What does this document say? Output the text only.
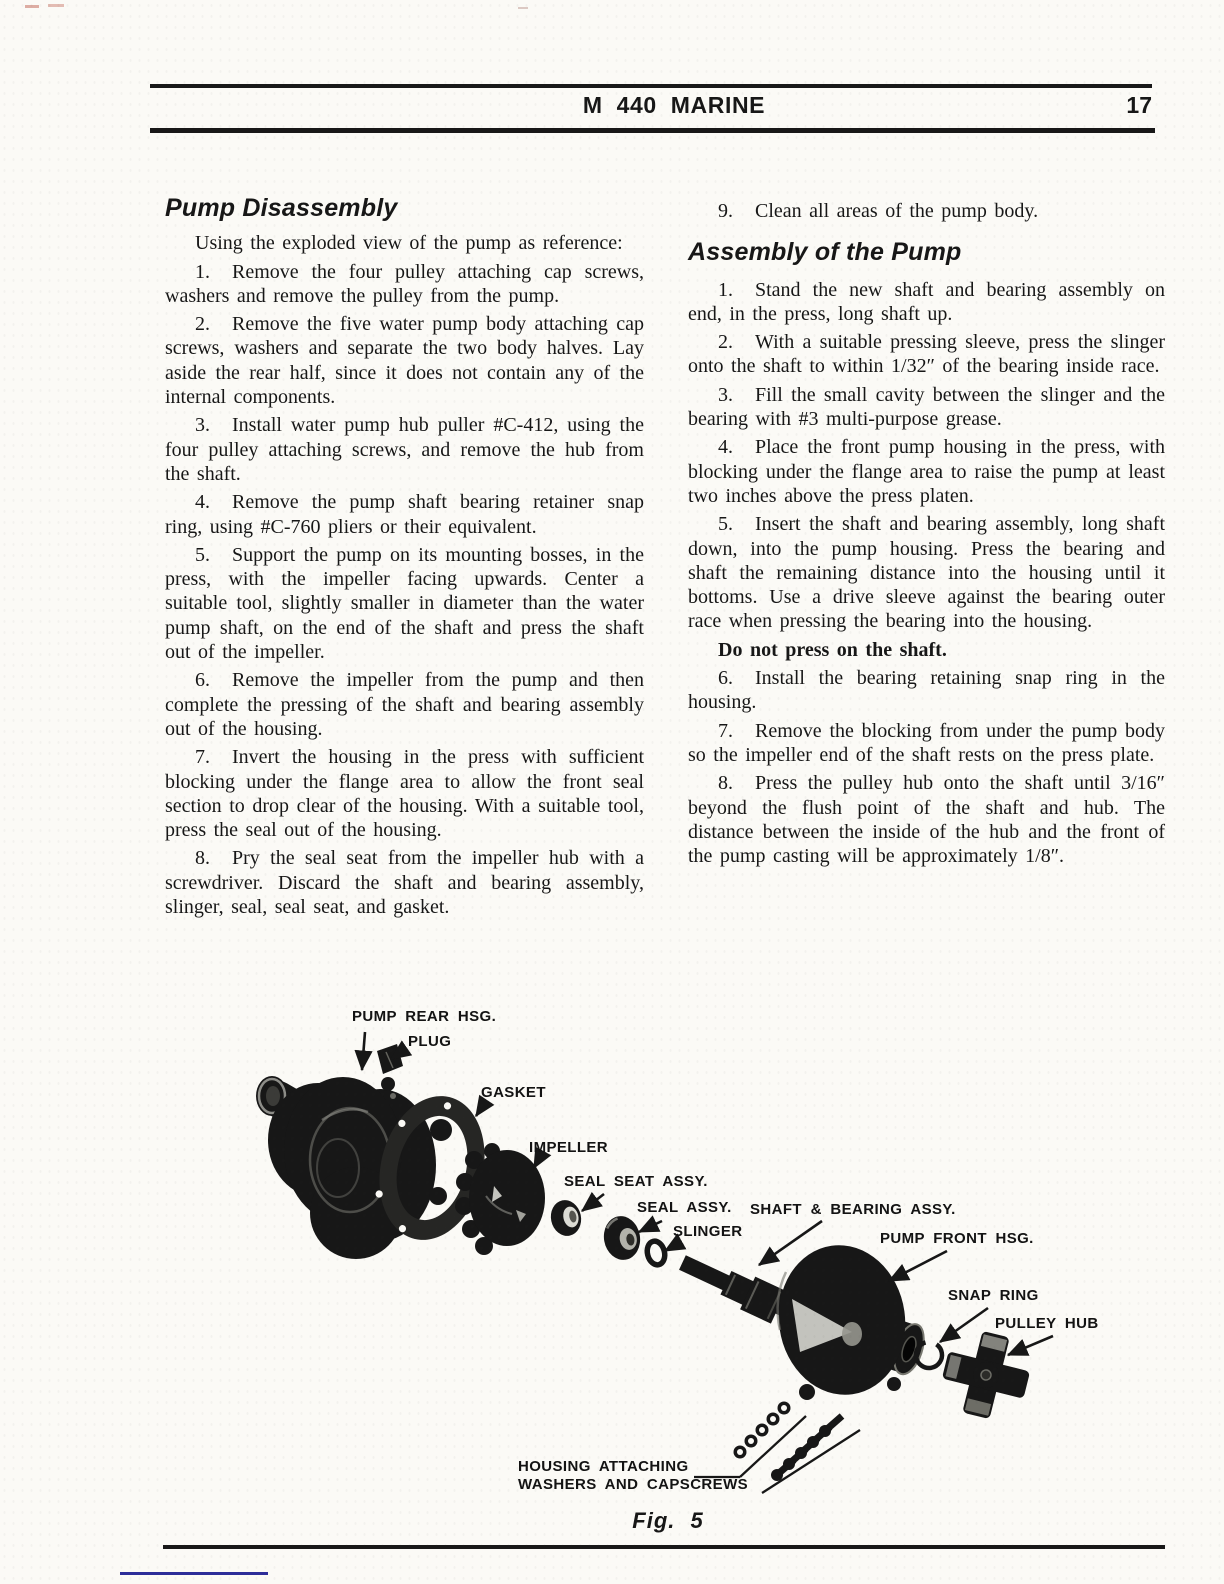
M 440 MARINE	17
Pump Disassembly

Using the exploded view of the pump as reference:

1. Remove the four pulley attaching cap screws, washers and remove the pulley from the pump.

2. Remove the five water pump body attaching cap screws, washers and separate the two body halves. Lay aside the rear half, since it does not contain any of the internal components.

3. Install water pump hub puller #C-412, using the four pulley attaching screws, and remove the hub from the shaft.

4. Remove the pump shaft bearing retainer snap ring, using #C-760 pliers or their equivalent.

5. Support the pump on its mounting bosses, in the press, with the impeller facing upwards. Center a suitable tool, slightly smaller in diameter than the water pump shaft, on the end of the shaft and press the shaft out of the impeller.

6. Remove the impeller from the pump and then complete the pressing of the shaft and bearing assembly out of the housing.

7. Invert the housing in the press with sufficient blocking under the flange area to allow the front seal section to drop clear of the housing. With a suitable tool, press the seal out of the housing.

8. Pry the seal seat from the impeller hub with a screwdriver. Discard the shaft and bearing assembly, slinger, seal, seal seat, and gasket.

9. Clean all areas of the pump body.

Assembly of the Pump

1. Stand the new shaft and bearing assembly on end, in the press, long shaft up.

2. With a suitable pressing sleeve, press the slinger onto the shaft to within 1/32″ of the bearing inside race.

3. Fill the small cavity between the slinger and the bearing with #3 multi-purpose grease.

4. Place the front pump housing in the press, with blocking under the flange area to raise the pump at least two inches above the press platen.

5. Insert the shaft and bearing assembly, long shaft down, into the pump housing. Press the bearing and shaft the remaining distance into the housing until it bottoms. Use a drive sleeve against the bearing outer race when pressing the bearing into the housing.

Do not press on the shaft.

6. Install the bearing retaining snap ring in the housing.

7. Remove the blocking from under the pump body so the impeller end of the shaft rests on the press plate.

8. Press the pulley hub onto the shaft until 3/16″ beyond the flush point of the shaft and hub. The distance between the inside of the hub and the front of the pump casting will be approximately 1/8″.

PUMP REAR HSG.
PLUG
GASKET
IMPELLER
SEAL SEAT ASSY.
SEAL ASSY.
SLINGER
SHAFT & BEARING ASSY.
PUMP FRONT HSG.
SNAP RING
PULLEY HUB
HOUSING ATTACHING
WASHERS AND CAPSCREWS
Fig. 5
